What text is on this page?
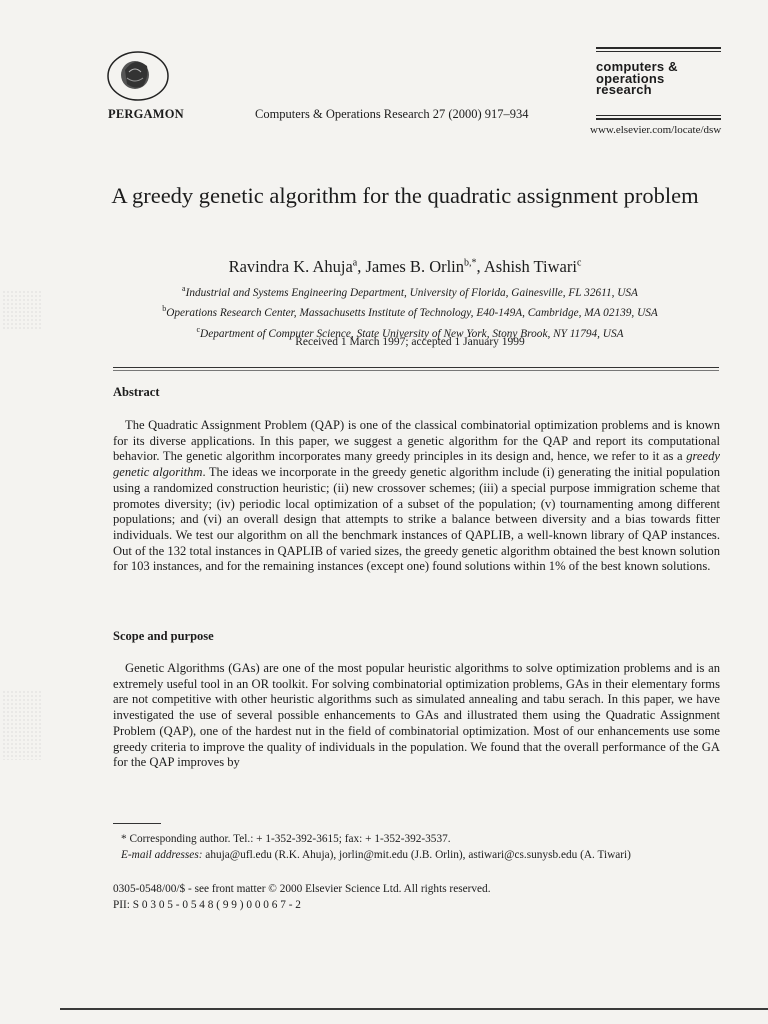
PERGAMON	Computers & Operations Research 27 (2000) 917–934
computers &
operations
research
www.elsevier.com/locate/dsw
A greedy genetic algorithm for the quadratic assignment problem
Ravindra K. Ahuja$^a$, James B. Orlin$^{b,*}$, Ashish Tiwari$^c$
$^a$Industrial and Systems Engineering Department, University of Florida, Gainesville, FL 32611, USA
$^b$Operations Research Center, Massachusetts Institute of Technology, E40-149A, Cambridge, MA 02139, USA
$^c$Department of Computer Science, State University of New York, Stony Brook, NY 11794, USA
Received 1 March 1997; accepted 1 January 1999
Abstract

The Quadratic Assignment Problem (QAP) is one of the classical combinatorial optimization problems and is known for its diverse applications. In this paper, we suggest a genetic algorithm for the QAP and report its computational behavior. The genetic algorithm incorporates many greedy principles in its design and, hence, we refer to it as a greedy genetic algorithm. The ideas we incorporate in the greedy genetic algorithm include (i) generating the initial population using a randomized construction heuristic; (ii) new crossover schemes; (iii) a special purpose immigration scheme that promotes diversity; (iv) periodic local optimization of a subset of the population; (v) tournamenting among different populations; and (vi) an overall design that attempts to strike a balance between diversity and a bias towards fitter individuals. We test our algorithm on all the benchmark instances of QAPLIB, a well-known library of QAP instances. Out of the 132 total instances in QAPLIB of varied sizes, the greedy genetic algorithm obtained the best known solution for 103 instances, and for the remaining instances (except one) found solutions within 1% of the best known solutions.

Scope and purpose

Genetic Algorithms (GAs) are one of the most popular heuristic algorithms to solve optimization problems and is an extremely useful tool in an OR toolkit. For solving combinatorial optimization problems, GAs in their elementary forms are not competitive with other heuristic algorithms such as simulated annealing and tabu serach. In this paper, we have investigated the use of several possible enhancements to GAs and illustrated them using the Quadratic Assignment Problem (QAP), one of the hardest nut in the field of combinatorial optimization. Most of our enhancements use some greedy criteria to improve the quality of individuals in the population. We found that the overall performance of the GA for the QAP improves by

* Corresponding author. Tel.: + 1-352-392-3615; fax: + 1-352-392-3537.
E-mail addresses: ahuja@ufl.edu (R.K. Ahuja), jorlin@mit.edu (J.B. Orlin), astiwari@cs.sunysb.edu (A. Tiwari)
0305-0548/00/$ - see front matter © 2000 Elsevier Science Ltd. All rights reserved.
PII: S 0 3 0 5 - 0 5 4 8 ( 9 9 ) 0 0 0 6 7 - 2
